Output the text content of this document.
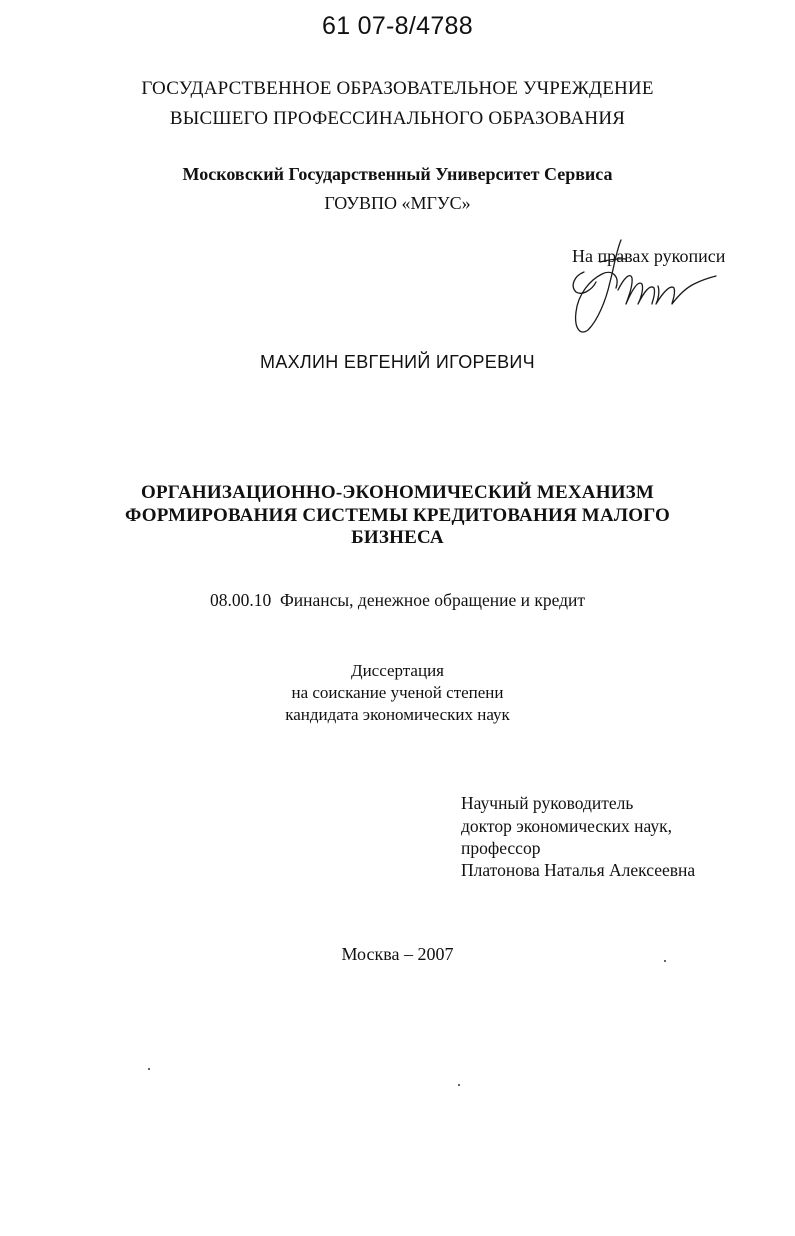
61 07-8/4788
ГОСУДАРСТВЕННОЕ ОБРАЗОВАТЕЛЬНОЕ УЧРЕЖДЕНИЕ
ВЫСШЕГО ПРОФЕССИНАЛЬНОГО ОБРАЗОВАНИЯ
Московский Государственный Университет Сервиса
ГОУВПО «МГУС»
На правах рукописи
МАХЛИН ЕВГЕНИЙ ИГОРЕВИЧ
ОРГАНИЗАЦИОННО-ЭКОНОМИЧЕСКИЙ МЕХАНИЗМ
ФОРМИРОВАНИЯ СИСТЕМЫ КРЕДИТОВАНИЯ МАЛОГО
БИЗНЕСА
08.00.10 Финансы, денежное обращение и кредит
Диссертация
на соискание ученой степени
кандидата экономических наук
Научный руководитель
доктор экономических наук,
профессор
Платонова Наталья Алексеевна
Москва – 2007
